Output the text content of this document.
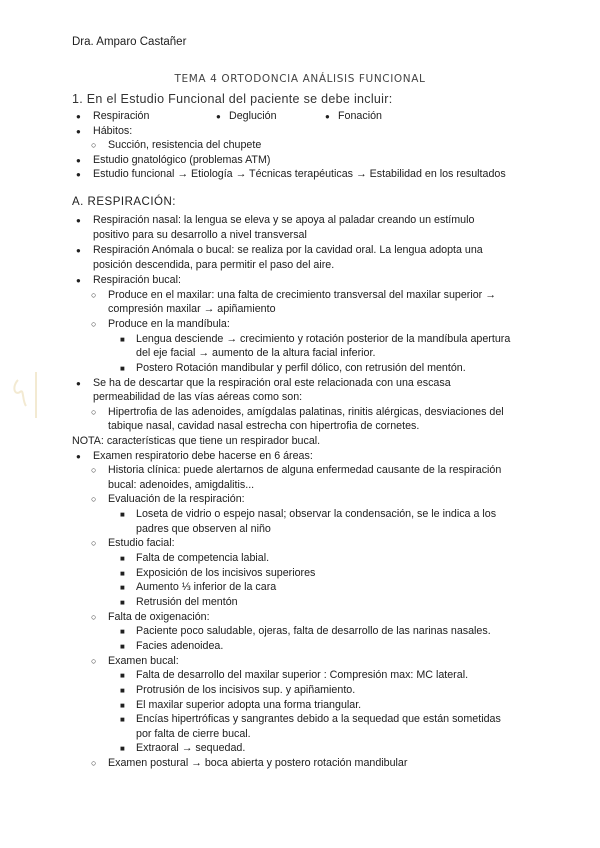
Dra. Amparo Castañer
TEMA 4 ORTODONCIA ANÁLISIS FUNCIONAL
1. En el Estudio Funcional del paciente se debe incluir:
●
Respiración ●	Deglución ●	Fonación
●
Hábitos:
○
Succión, resistencia del chupete
●
Estudio gnatológico (problemas ATM)
●
Estudio funcional → Etiología → Técnicas terapéuticas → Estabilidad en los resultados
A. RESPIRACIÓN:
●
Respiración nasal: la lengua se eleva y se apoya al paladar creando un estímulo
positivo para su desarrollo a nivel transversal
●
Respiración Anómala o bucal: se realiza por la cavidad oral. La lengua adopta una
posición descendida, para permitir el paso del aire.
●
Respiración bucal:
○
Produce en el maxilar: una falta de crecimiento transversal del maxilar superior →
compresión maxilar → apiñamiento
○
Produce en la mandíbula:
■
Lengua desciende → crecimiento y rotación posterior de la mandíbula apertura
del eje facial → aumento de la altura facial inferior.
■
Postero Rotación mandibular y perfil dólico, con retrusión del mentón.
●
Se ha de descartar que la respiración oral este relacionada con una escasa
permeabilidad de las vías aéreas como son:
○
Hipertrofia de las adenoides, amígdalas palatinas, rinitis alérgicas, desviaciones del
tabique nasal, cavidad nasal estrecha con hipertrofia de cornetes.
NOTA: características que tiene un respirador bucal.
●
Examen respiratorio debe hacerse en 6 áreas:
○
Historia clínica: puede alertarnos de alguna enfermedad causante de la respiración
bucal: adenoides, amigdalitis...
○
Evaluación de la respiración:
■
Loseta de vidrio o espejo nasal; observar la condensación, se le indica a los
padres que observen al niño
○
Estudio facial:
■
Falta de competencia labial.
■
Exposición de los incisivos superiores
■
Aumento ⅓ inferior de la cara
■
Retrusión del mentón
○
Falta de oxigenación:
■
Paciente poco saludable, ojeras, falta de desarrollo de las narinas nasales.
■
Facies adenoidea.
○
Examen bucal:
■
Falta de desarrollo del maxilar superior : Compresión max: MC lateral.
■
Protrusión de los incisivos sup. y apiñamiento.
■
El maxilar superior adopta una forma triangular.
■
Encías hipertróficas y sangrantes debido a la sequedad que están sometidas
por falta de cierre bucal.
■
Extraoral → sequedad.
○
Examen postural → boca abierta y postero rotación mandibular
